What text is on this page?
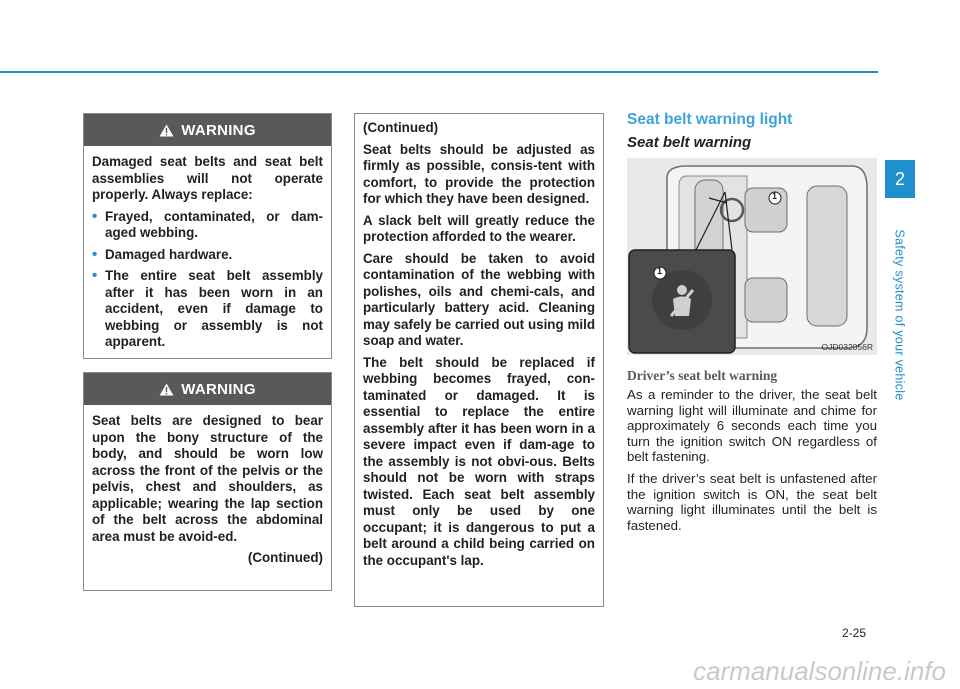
2
Safety system of your vehicle
WARNING

Damaged seat belts and seat belt assemblies will not operate properly. Always replace:

• Frayed, contaminated, or dam-aged webbing.
• Damaged hardware.
• The entire seat belt assembly after it has been worn in an accident, even if damage to webbing or assembly is not apparent.
WARNING

Seat belts are designed to bear upon the bony structure of the body, and should be worn low across the front of the pelvis or the pelvis, chest and shoulders, as applicable; wearing the lap section of the belt across the abdominal area must be avoid-ed.

(Continued)

(Continued)

Seat belts should be adjusted as firmly as possible, consis-tent with comfort, to provide the protection for which they have been designed.

A slack belt will greatly reduce the protection afforded to the wearer.

Care should be taken to avoid contamination of the webbing with polishes, oils and chemi-cals, and particularly battery acid. Cleaning may safely be carried out using mild soap and water.

The belt should be replaced if webbing becomes frayed, con-taminated or damaged. It is essential to replace the entire assembly after it has been worn in a severe impact even if dam-age to the assembly is not obvi-ous. Belts should not be worn with straps twisted. Each seat belt assembly must only be used by one occupant; it is dangerous to put a belt around a child being carried on the occupant's lap.

Seat belt warning light
Seat belt warning
1
1
OJD032056R
Driver’s seat belt warning

As a reminder to the driver, the seat belt warning light will illuminate and chime for approximately 6 seconds each time you turn the ignition switch ON regardless of belt fastening.

If the driver’s seat belt is unfastened after the ignition switch is ON, the seat belt warning light illuminates until the belt is fastened.

2-25
carmanualsonline.info
